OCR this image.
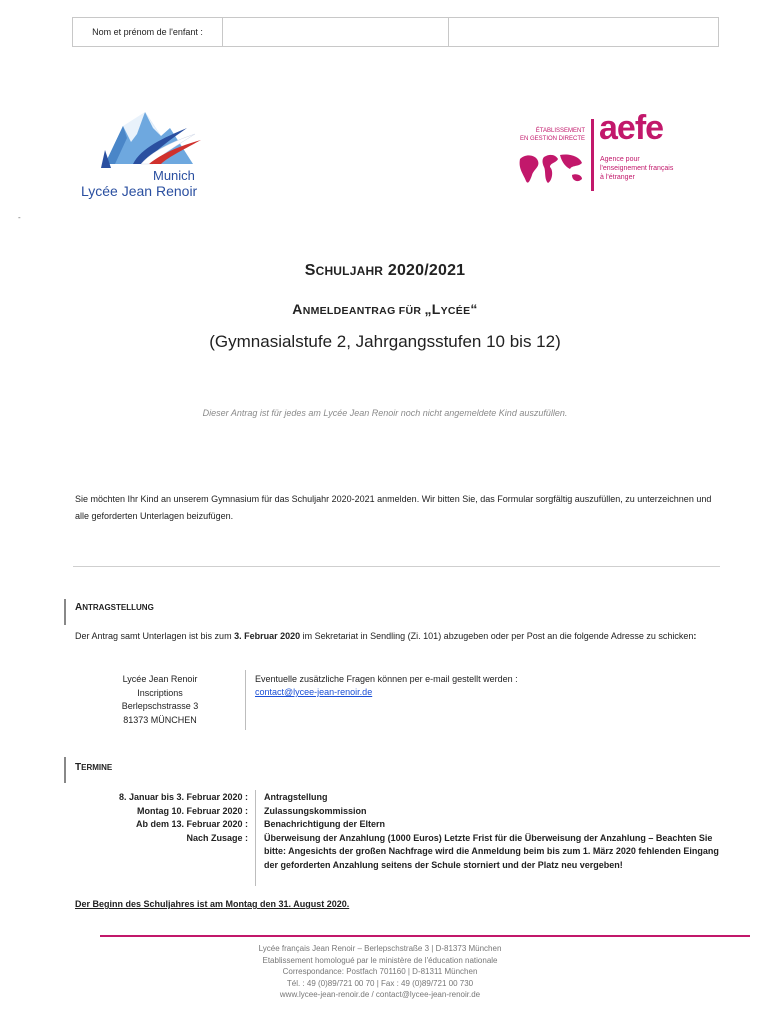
Nom et prénom de l'enfant :
Munich
Lycée Jean Renoir
ÉTABLISSEMENT
EN GESTION DIRECTE aefe
Agence pour
l'enseignement français
à l'étranger
-
SCHULJAHR 2020/2021
ANMELDEANTRAG FÜR „LYCÉE“
(Gymnasialstufe 2, Jahrgangsstufen 10 bis 12)
Dieser Antrag ist für jedes am Lycée Jean Renoir noch nicht angemeldete Kind auszufüllen.
Sie möchten Ihr Kind an unserem Gymnasium für das Schuljahr 2020-2021 anmelden. Wir bitten Sie, das Formular sorgfältig auszufüllen, zu unterzeichnen und alle geforderten Unterlagen beizufügen.
ANTRAGSTELLUNG
Der Antrag samt Unterlagen ist bis zum 3. Februar 2020 im Sekretariat in Sendling (Zi. 101) abzugeben oder per Post an die folgende Adresse zu schicken:
Lycée Jean Renoir
Inscriptions
Berlepschstrasse 3
81373 MÜNCHEN
Eventuelle zusätzliche Fragen können per e-mail gestellt werden :
contact@lycee-jean-renoir.de
TERMINE
8. Januar bis 3. Februar 2020 :
Montag 10. Februar 2020 :
Ab dem 13. Februar 2020 :
Nach Zusage :
Antragstellung
Zulassungskommission
Benachrichtigung der Eltern
Überweisung der Anzahlung (1000 Euros) Letzte Frist für die Überweisung der Anzahlung – Beachten Sie bitte: Angesichts der großen Nachfrage wird die Anmeldung beim bis zum 1. März 2020 fehlenden Eingang der geforderten Anzahlung seitens der Schule storniert und der Platz neu vergeben!
Der Beginn des Schuljahres ist am Montag den 31. August 2020.
Lycée français Jean Renoir – Berlepschstraße 3 | D-81373 München
Etablissement homologué par le ministère de l'éducation nationale
Correspondance: Postfach 701160 | D-81311 München
Tél. : 49 (0)89/721 00 70 | Fax : 49 (0)89/721 00 730
www.lycee-jean-renoir.de / contact@lycee-jean-renoir.de
